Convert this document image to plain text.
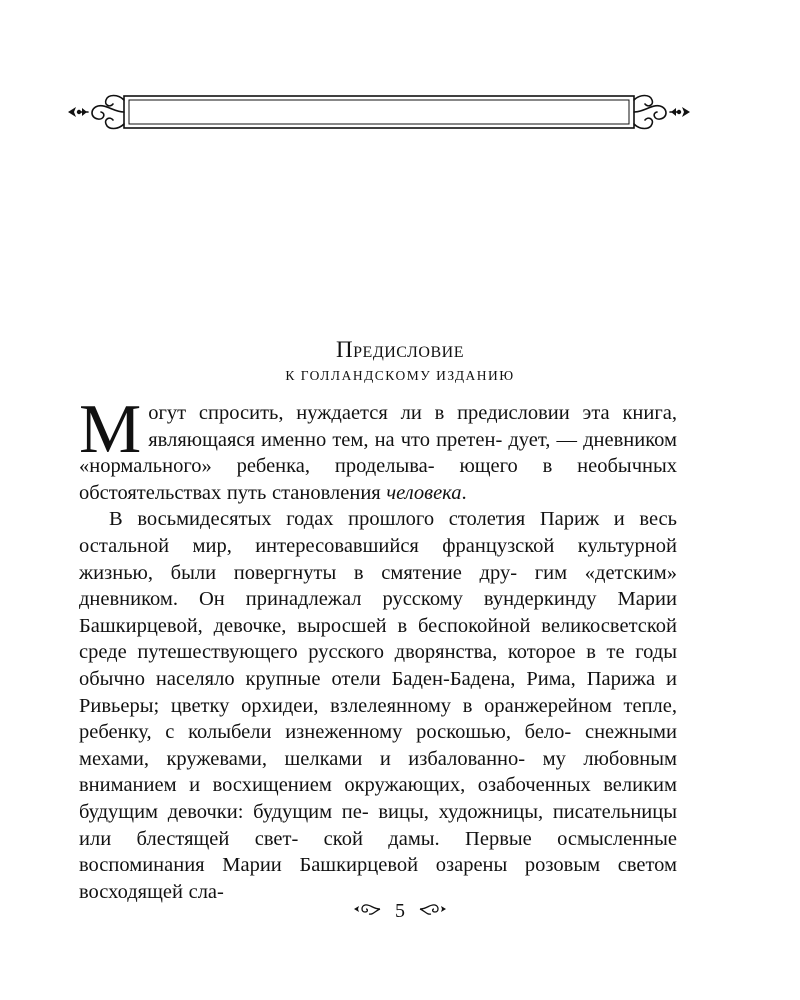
Предисловие
К ГОЛЛАНДСКОМУ ИЗДАНИЮ

М огут спросить, нуждается ли в предисловии эта книга, являющаяся именно тем, на что претен- дует, — дневником «нормального» ребенка, проделыва- ющего в необычных обстоятельствах путь становления человека.

В восьмидесятых годах прошлого столетия Париж и весь остальной мир, интересовавшийся французской культурной жизнью, были повергнуты в смятение дру- гим «детским» дневником. Он принадлежал русскому вундеркинду Марии Башкирцевой, девочке, выросшей в беспокойной великосветской среде путешествующего русского дворянства, которое в те годы обычно населяло крупные отели Баден-Бадена, Рима, Парижа и Ривьеры; цветку орхидеи, взлелеянному в оранжерейном тепле, ребенку, с колыбели изнеженному роскошью, бело- снежными мехами, кружевами, шелками и избалованно- му любовным вниманием и восхищением окружающих, озабоченных великим будущим девочки: будущим пе- вицы, художницы, писательницы или блестящей свет- ской дамы. Первые осмысленные воспоминания Марии Башкирцевой озарены розовым светом восходящей сла-

5
